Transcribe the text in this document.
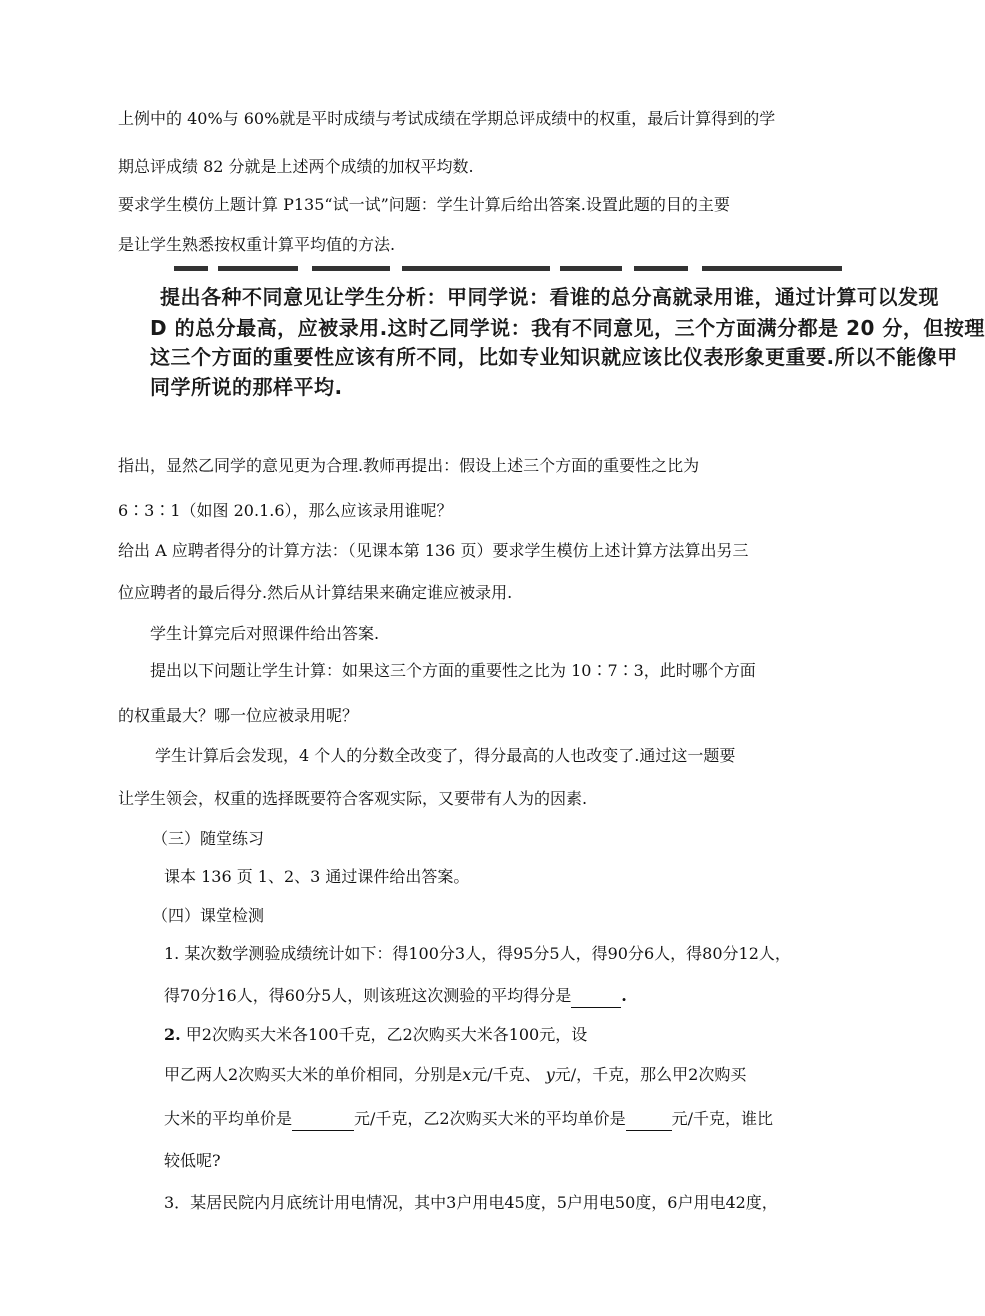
上例中的 40%与 60%就是平时成绩与考试成绩在学期总评成绩中的权重，最后计算得到的学
期总评成绩 82 分就是上述两个成绩的加权平均数.
要求学生模仿上题计算 P135“试一试”问题：学生计算后给出答案.设置此题的目的主要
是让学生熟悉按权重计算平均值的方法.
提出各种不同意见让学生分析：甲同学说：看谁的总分高就录用谁，通过计算可以发现
D 的总分最高，应被录用.这时乙同学说：我有不同意见，三个方面满分都是 20 分，但按理
这三个方面的重要性应该有所不同，比如专业知识就应该比仪表形象更重要.所以不能像甲
同学所说的那样平均.
指出，显然乙同学的意见更为合理.教师再提出：假设上述三个方面的重要性之比为
6∶3∶1（如图 20.1.6），那么应该录用谁呢？
给出 A 应聘者得分的计算方法：（见课本第 136 页）要求学生模仿上述计算方法算出另三
位应聘者的最后得分.然后从计算结果来确定谁应被录用.
学生计算完后对照课件给出答案.
提出以下问题让学生计算：如果这三个方面的重要性之比为 10∶7∶3，此时哪个方面
的权重最大？哪一位应被录用呢？
学生计算后会发现，4 个人的分数全改变了，得分最高的人也改变了.通过这一题要
让学生领会，权重的选择既要符合客观实际，又要带有人为的因素.
（三）随堂练习
课本 136 页 1、2、3 通过课件给出答案。
（四）课堂检测
1. 某次数学测验成绩统计如下：得100分3人，得95分5人，得90分6人，得80分12人，
得70分16人，得60分5人，则该班这次测验的平均得分是	.
2. 甲2次购买大米各100千克，乙2次购买大米各100元，设
甲乙两人2次购买大米的单价相同，分别是x元/千克、 y元/，千克，那么甲2次购买
大米的平均单价是	元/千克，乙2次购买大米的平均单价是	元/千克，谁比
较低呢?
3．某居民院内月底统计用电情况，其中3户用电45度，5户用电50度，6户用电42度，
